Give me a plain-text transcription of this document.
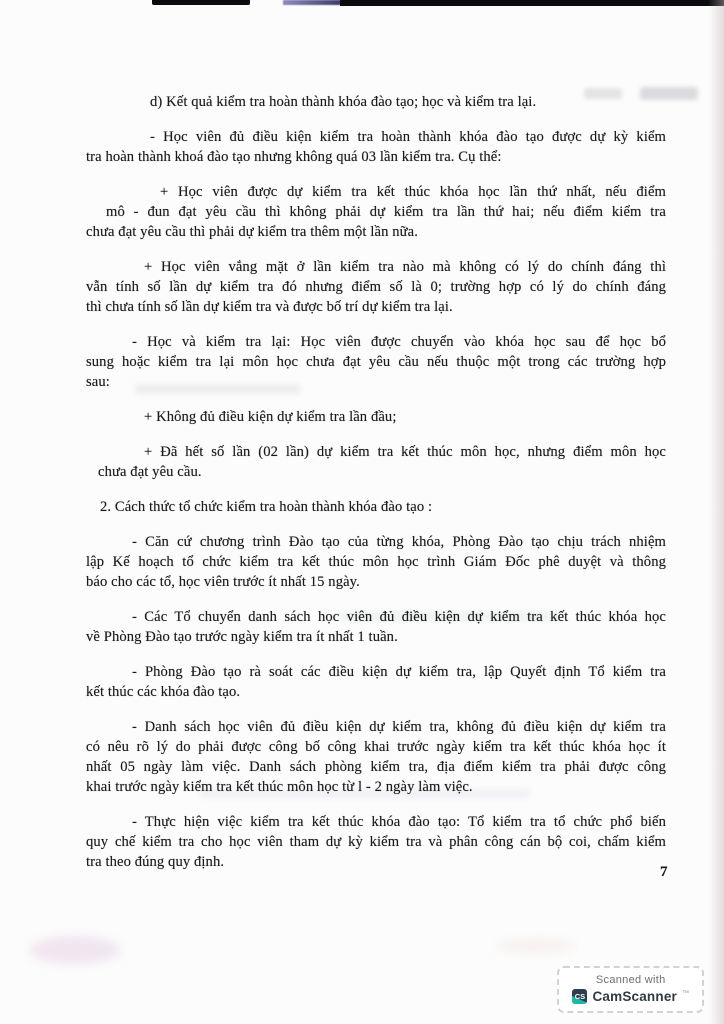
d) Kết quả kiểm tra hoàn thành khóa đào tạo; học và kiểm tra lại.
- Học viên đủ điều kiện kiểm tra hoàn thành khóa đào tạo được dự kỳ kiểm
tra hoàn thành khoá đào tạo nhưng không quá 03 lần kiểm tra. Cụ thể:
+ Học viên được dự kiểm tra kết thúc khóa học lần thứ nhất, nếu điểm
mô - đun đạt yêu cầu thì không phải dự kiểm tra lần thứ hai; nếu điểm kiểm tra
chưa đạt yêu cầu thì phải dự kiểm tra thêm một lần nữa.
+ Học viên vắng mặt ở lần kiểm tra nào mà không có lý do chính đáng thì
vẫn tính số lần dự kiểm tra đó nhưng điểm số là 0; trường hợp có lý do chính đáng
thì chưa tính số lần dự kiểm tra và được bố trí dự kiểm tra lại.
- Học và kiểm tra lại: Học viên được chuyển vào khóa học sau để học bổ
sung hoặc kiểm tra lại môn học chưa đạt yêu cầu nếu thuộc một trong các trường hợp
sau:
+ Không đủ điều kiện dự kiểm tra lần đầu;
+ Đã hết số lần (02 lần) dự kiểm tra kết thúc môn học, nhưng điểm môn học
chưa đạt yêu cầu.
2. Cách thức tổ chức kiểm tra hoàn thành khóa đào tạo :
- Căn cứ chương trình Đào tạo của từng khóa, Phòng Đào tạo chịu trách nhiệm
lập Kế hoạch tổ chức kiểm tra kết thúc môn học trình Giám Đốc phê duyệt và thông
báo cho các tổ, học viên trước ít nhất 15 ngày.
- Các Tổ chuyển danh sách học viên đủ điều kiện dự kiểm tra kết thúc khóa học
về Phòng Đào tạo trước ngày kiểm tra ít nhất 1 tuần.
- Phòng Đào tạo rà soát các điều kiện dự kiểm tra, lập Quyết định Tổ kiểm tra
kết thúc các khóa đào tạo.
- Danh sách học viên đủ điều kiện dự kiểm tra, không đủ điều kiện dự kiểm tra
có nêu rõ lý do phải được công bố công khai trước ngày kiểm tra kết thúc khóa học ít
nhất 05 ngày làm việc. Danh sách phòng kiểm tra, địa điểm kiểm tra phải được công
khai trước ngày kiểm tra kết thúc môn học từ l - 2 ngày làm việc.
- Thực hiện việc kiểm tra kết thúc khóa đào tạo: Tổ kiểm tra tổ chức phổ biến
quy chế kiểm tra cho học viên tham dự kỳ kiểm tra và phân công cán bộ coi, chấm kiểm
tra theo đúng quy định.
7
Scanned with
CS CamScanner ™
